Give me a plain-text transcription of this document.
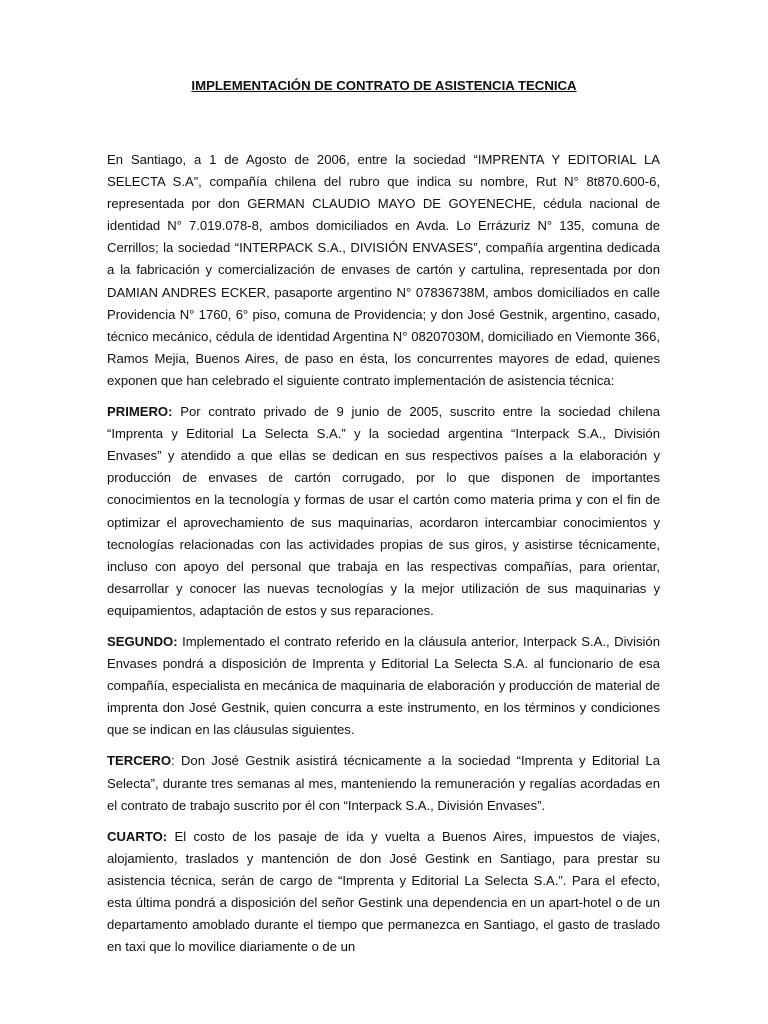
IMPLEMENTACIÓN DE CONTRATO DE ASISTENCIA TECNICA

En Santiago, a 1 de Agosto de 2006, entre la sociedad “IMPRENTA Y EDITORIAL LA SELECTA S.A”, compañía chilena del rubro que indica su nombre, Rut N° 8t870.600-6, representada por don GERMAN CLAUDIO MAYO DE GOYENECHE, cédula nacional de identidad N° 7.019.078-8, ambos domiciliados en Avda. Lo Errázuriz N° 135, comuna de Cerrillos; la sociedad “INTERPACK S.A., DIVISIÓN ENVASES”, compañía argentina dedicada a la fabricación y comercialización de envases de cartón y cartulina, representada por don DAMIAN ANDRES ECKER, pasaporte argentino N° 07836738M, ambos domiciliados en calle Providencia N° 1760, 6° piso, comuna de Providencia; y don José Gestnik, argentino, casado, técnico mecánico, cédula de identidad Argentina N° 08207030M, domiciliado en Viemonte 366, Ramos Mejia, Buenos Aires, de paso en ésta, los concurrentes mayores de edad, quienes exponen que han celebrado el siguiente contrato implementación de asistencia técnica:

PRIMERO: Por contrato privado de 9 junio de 2005, suscrito entre la sociedad chilena “Imprenta y Editorial La Selecta S.A.” y la sociedad argentina “Interpack S.A., División Envases” y atendido a que ellas se dedican en sus respectivos países a la elaboración y producción de envases de cartón corrugado, por lo que disponen de importantes conocimientos en la tecnología y formas de usar el cartón como materia prima y con el fin de optimizar el aprovechamiento de sus maquinarias, acordaron intercambiar conocimientos y tecnologías relacionadas con las actividades propias de sus giros, y asistirse técnicamente, incluso con apoyo del personal que trabaja en las respectivas compañías, para orientar, desarrollar y conocer las nuevas tecnologías y la mejor utilización de sus maquinarias y equipamientos, adaptación de estos y sus reparaciones.

SEGUNDO: Implementado el contrato referido en la cláusula anterior, Interpack S.A., División Envases pondrá a disposición de Imprenta y Editorial La Selecta S.A. al funcionario de esa compañía, especialista en mecánica de maquinaria de elaboración y producción de material de imprenta don José Gestnik, quien concurra a este instrumento, en los términos y condiciones que se indican en las cláusulas siguientes.

TERCERO: Don José Gestnik asistirá técnicamente a la sociedad “Imprenta y Editorial La Selecta”, durante tres semanas al mes, manteniendo la remuneración y regalías acordadas en el contrato de trabajo suscrito por él con “Interpack S.A., División Envases”.

CUARTO: El costo de los pasaje de ida y vuelta a Buenos Aires, impuestos de viajes, alojamiento, traslados y mantención de don José Gestink en Santiago, para prestar su asistencia técnica, serán de cargo de “Imprenta y Editorial La Selecta S.A.”. Para el efecto, esta última pondrá a disposición del señor Gestink una dependencia en un apart-hotel o de un departamento amoblado durante el tiempo que permanezca en Santiago, el gasto de traslado en taxi que lo movilice diariamente o de un
